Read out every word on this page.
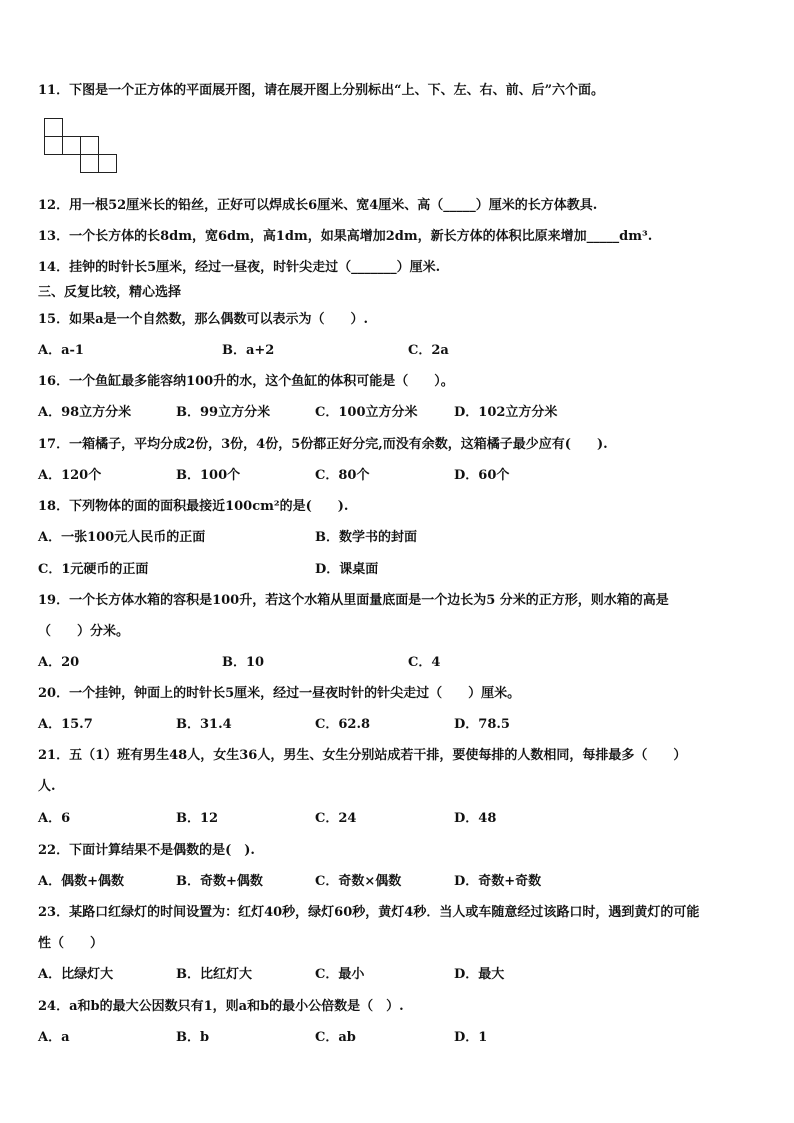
11．下图是一个正方体的平面展开图，请在展开图上分别标出“上、下、左、右、前、后”六个面。
12．用一根52厘米长的铅丝，正好可以焊成长6厘米、宽4厘米、高（_____）厘米的长方体教具.
13．一个长方体的长8dm，宽6dm，高1dm，如果高增加2dm，新长方体的体积比原来增加_____dm³.
14．挂钟的时针长5厘米，经过一昼夜，时针尖走过（_______）厘米.
三、反复比较，精心选择
15．如果a是一个自然数，那么偶数可以表示为（　　）.
A．a-1	B．a+2	C．2a
16．一个鱼缸最多能容纳100升的水，这个鱼缸的体积可能是（　　）。
A．98立方分米	B．99立方分米	C．100立方分米	D．102立方分米
17．一箱橘子，平均分成2份，3份，4份，5份都正好分完,而没有余数，这箱橘子最少应有(　　).
A．120个	B．100个	C．80个	D．60个
18．下列物体的面的面积最接近100cm²的是(　　).
A．一张100元人民币的正面	B．数学书的封面
C．1元硬币的正面	D．课桌面
19．一个长方体水箱的容积是100升，若这个水箱从里面量底面是一个边长为5 分米的正方形，则水箱的高是
（　　）分米。
A．20	B．10	C．4
20．一个挂钟，钟面上的时针长5厘米，经过一昼夜时针的针尖走过（　　）厘米。
A．15.7	B．31.4	C．62.8	D．78.5
21．五（1）班有男生48人，女生36人，男生、女生分别站成若干排，要使每排的人数相同，每排最多（　　）
人.
A．6	B．12	C．24	D．48
22．下面计算结果不是偶数的是(　).
A．偶数+偶数	B．奇数+偶数	C．奇数×偶数	D．奇数+奇数
23．某路口红绿灯的时间设置为：红灯40秒，绿灯60秒，黄灯4秒．当人或车随意经过该路口时，遇到黄灯的可能
性（　　）
A．比绿灯大	B．比红灯大	C．最小	D．最大
24．a和b的最大公因数只有1，则a和b的最小公倍数是（　）.
A．a	B．b	C．ab	D．1
